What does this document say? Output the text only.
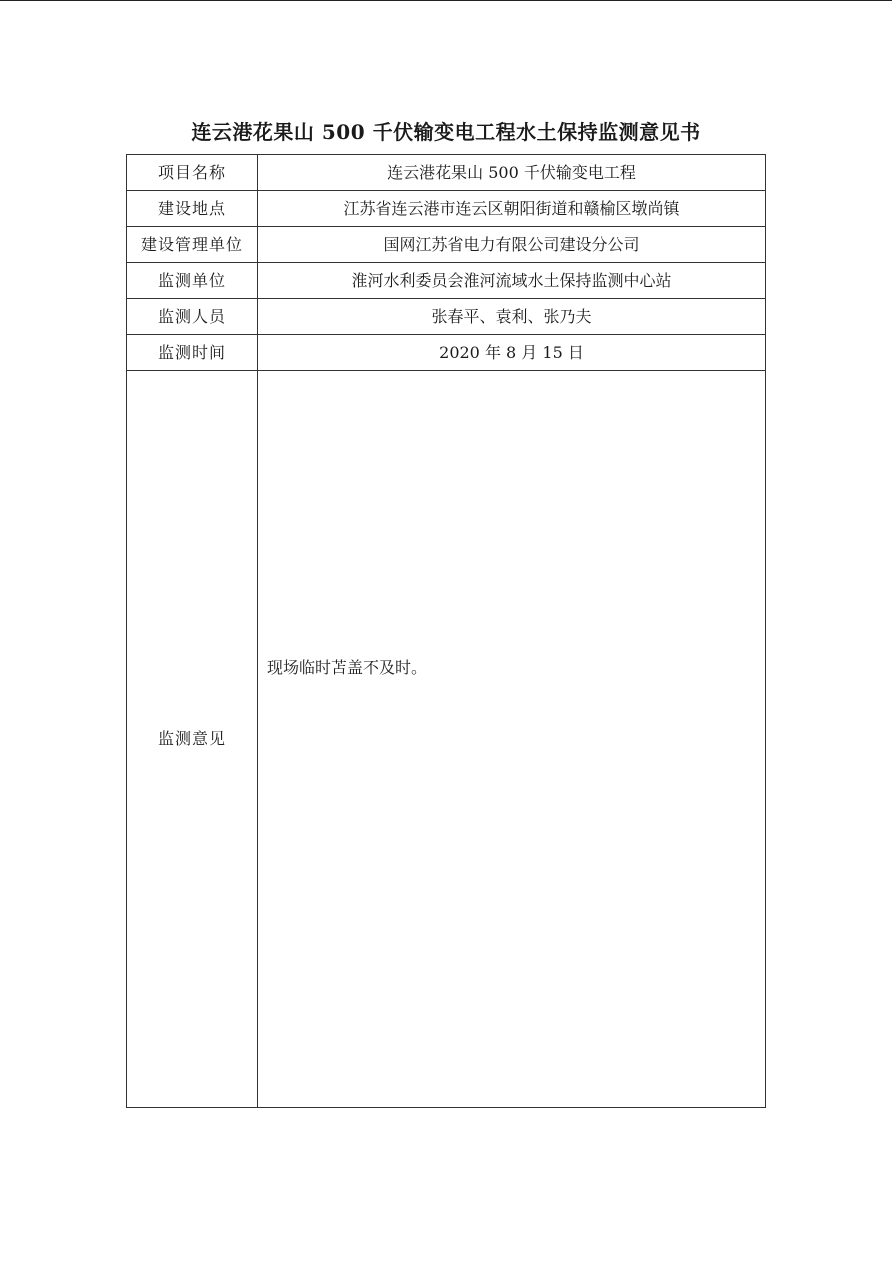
连云港花果山 500 千伏输变电工程水土保持监测意见书
项目名称	连云港花果山 500 千伏输变电工程
建设地点	江苏省连云港市连云区朝阳街道和赣榆区墩尚镇
建设管理单位	国网江苏省电力有限公司建设分公司
监测单位	淮河水利委员会淮河流域水土保持监测中心站
监测人员	张春平、袁利、张乃夫
监测时间	2020 年 8 月 15 日
监测意见	现场临时苫盖不及时。
